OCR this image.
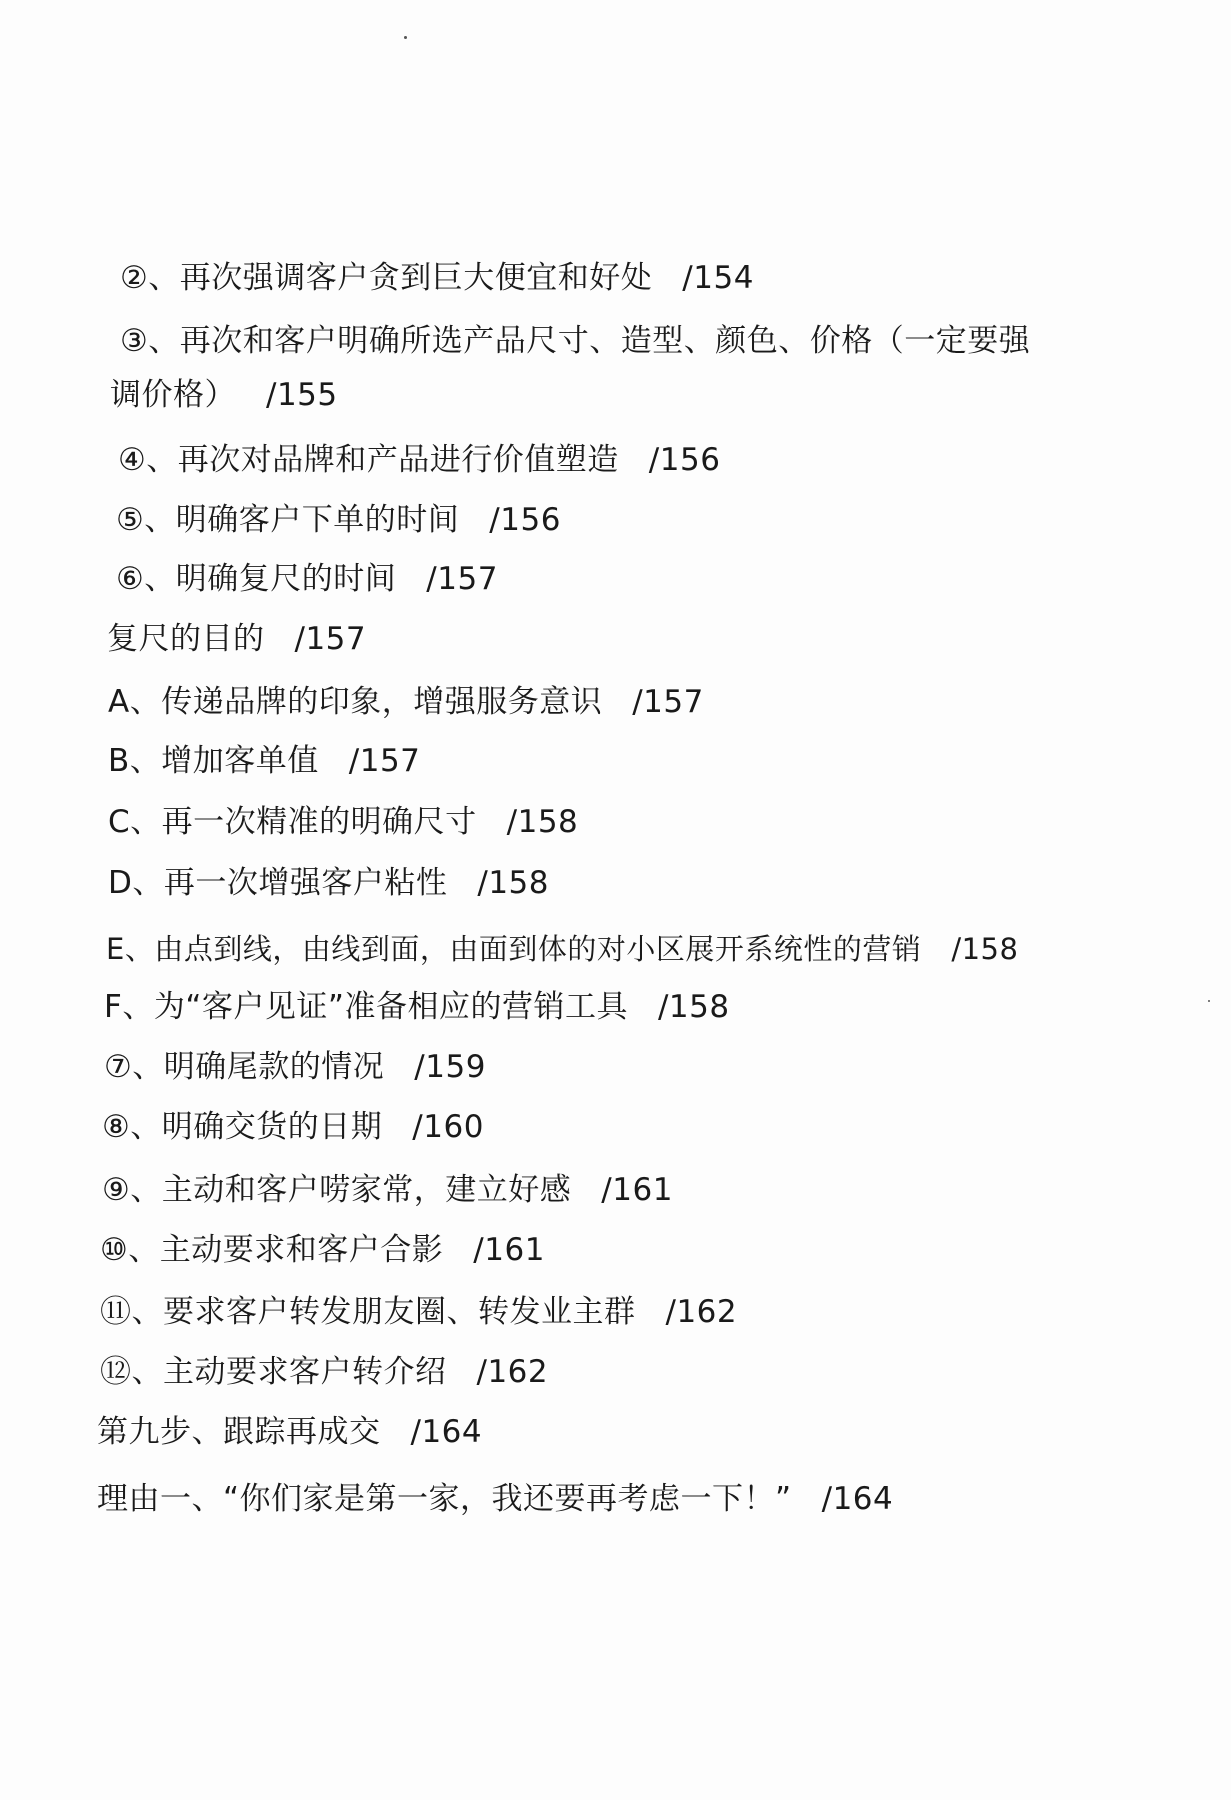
②、再次强调客户贪到巨大便宜和好处 /154
③、再次和客户明确所选产品尺寸、造型、颜色、价格（一定要强
调价格） /155
④、再次对品牌和产品进行价值塑造 /156
⑤、明确客户下单的时间 /156
⑥、明确复尺的时间 /157
复尺的目的 /157
A、传递品牌的印象，增强服务意识 /157
B、增加客单值 /157
C、再一次精准的明确尺寸 /158
D、再一次增强客户粘性 /158
E、由点到线，由线到面，由面到体的对小区展开系统性的营销 /158
F、为“客户见证”准备相应的营销工具 /158
⑦、明确尾款的情况 /159
⑧、明确交货的日期 /160
⑨、主动和客户唠家常，建立好感 /161
⑩、主动要求和客户合影 /161
⑪、要求客户转发朋友圈、转发业主群 /162
⑫、主动要求客户转介绍 /162
第九步、跟踪再成交 /164
理由一、“你们家是第一家，我还要再考虑一下！” /164
